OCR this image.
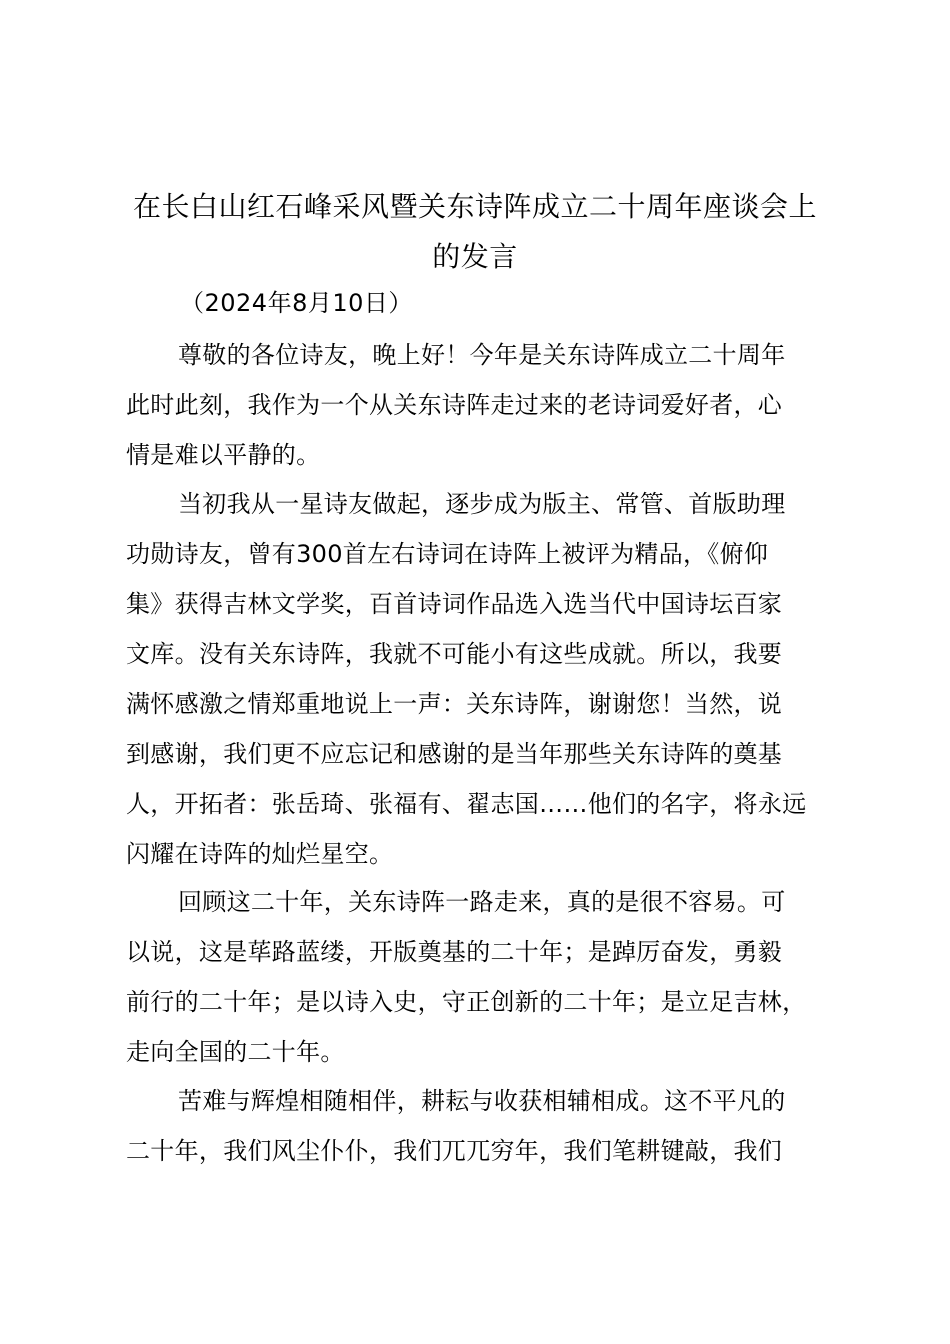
在长白山红石峰采风暨关东诗阵成立二十周年座谈会上
的发言
（2024年8月10日）

尊敬的各位诗友，晚上好！今年是关东诗阵成立二十周年
此时此刻，我作为一个从关东诗阵走过来的老诗词爱好者，心
情是难以平静的。

当初我从一星诗友做起，逐步成为版主、常管、首版助理
功勋诗友，曾有300首左右诗词在诗阵上被评为精品，《俯仰
集》获得吉林文学奖，百首诗词作品选入选当代中国诗坛百家
文库。没有关东诗阵，我就不可能小有这些成就。所以，我要
满怀感激之情郑重地说上一声：关东诗阵，谢谢您！当然，说
到感谢，我们更不应忘记和感谢的是当年那些关东诗阵的奠基
人，开拓者：张岳琦、张福有、翟志国……他们的名字，将永远
闪耀在诗阵的灿烂星空。

回顾这二十年，关东诗阵一路走来，真的是很不容易。可
以说，这是荜路蓝缕，开版奠基的二十年；是踔厉奋发，勇毅
前行的二十年；是以诗入史，守正创新的二十年；是立足吉林，
走向全国的二十年。

苦难与辉煌相随相伴，耕耘与收获相辅相成。这不平凡的
二十年，我们风尘仆仆，我们兀兀穷年，我们笔耕键敲，我们
